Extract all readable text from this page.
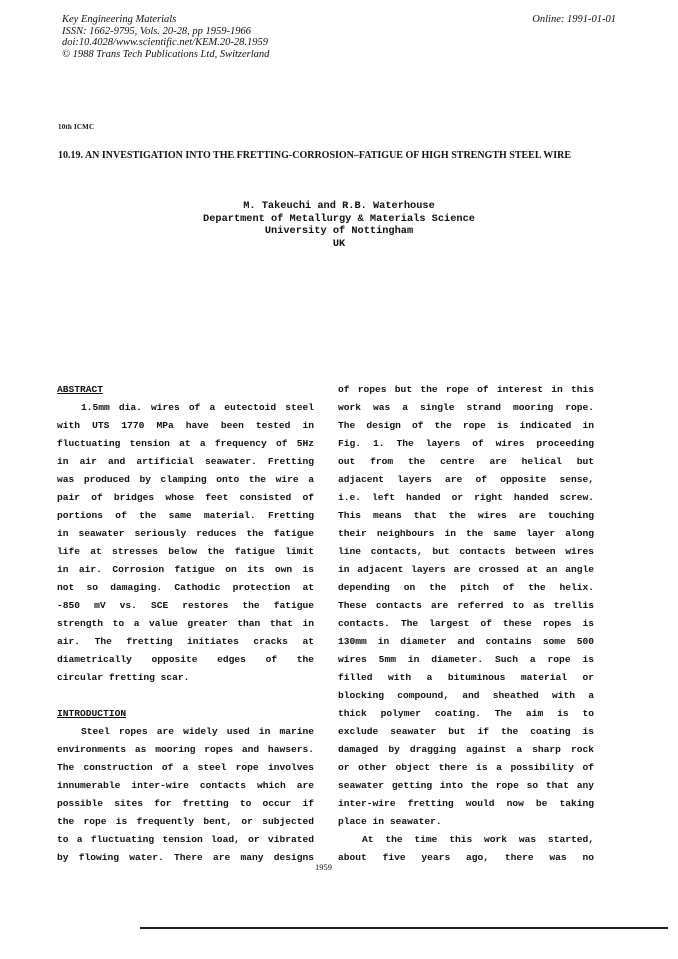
Key Engineering Materials
ISSN: 1662-9795, Vols. 20-28, pp 1959-1966
doi:10.4028/www.scientific.net/KEM.20-28.1959
© 1988 Trans Tech Publications Ltd, Switzerland
Online: 1991-01-01
10th ICMC
10.19. AN INVESTIGATION INTO THE FRETTING-CORROSION–FATIGUE OF HIGH STRENGTH STEEL WIRE
M. Takeuchi and R.B. Waterhouse
Department of Metallurgy & Materials Science
University of Nottingham
UK
ABSTRACT
1.5mm dia. wires of a eutectoid steel
with UTS 1770 MPa have been tested in
fluctuating tension at a frequency of 5Hz
in air and artificial seawater. Fretting
was produced by clamping onto the wire a
pair of bridges whose feet consisted of
portions of the same material. Fretting
in seawater seriously reduces the fatigue
life at stresses below the fatigue limit
in air. Corrosion fatigue on its own is
not so damaging. Cathodic protection at
-850 mV vs. SCE restores the fatigue
strength to a value greater than that in
air. The fretting initiates cracks at
diametrically opposite edges of the
circular fretting scar.
INTRODUCTION
Steel ropes are widely used in marine
environments as mooring ropes and hawsers.
The construction of a steel rope involves
innumerable inter-wire contacts which are
possible sites for fretting to occur if
the rope is frequently bent, or subjected
to a fluctuating tension load, or vibrated
by flowing water. There are many designs
of ropes but the rope of interest in this
work was a single strand mooring rope.
The design of the rope is indicated in
Fig. 1. The layers of wires proceeding
out from the centre are helical but
adjacent layers are of opposite sense,
i.e. left handed or right handed screw.
This means that the wires are touching
their neighbours in the same layer along
line contacts, but contacts between wires
in adjacent layers are crossed at an angle
depending on the pitch of the helix.
These contacts are referred to as trellis
contacts. The largest of these ropes is
130mm in diameter and contains some 500
wires 5mm in diameter. Such a rope is
filled with a bituminous material or
blocking compound, and sheathed with a
thick polymer coating. The aim is to
exclude seawater but if the coating is
damaged by dragging against a sharp rock
or other object there is a possibility of
seawater getting into the rope so that any
inter-wire fretting would now be taking
place in seawater.
At the time this work was started,
about five years ago, there was no
1959
